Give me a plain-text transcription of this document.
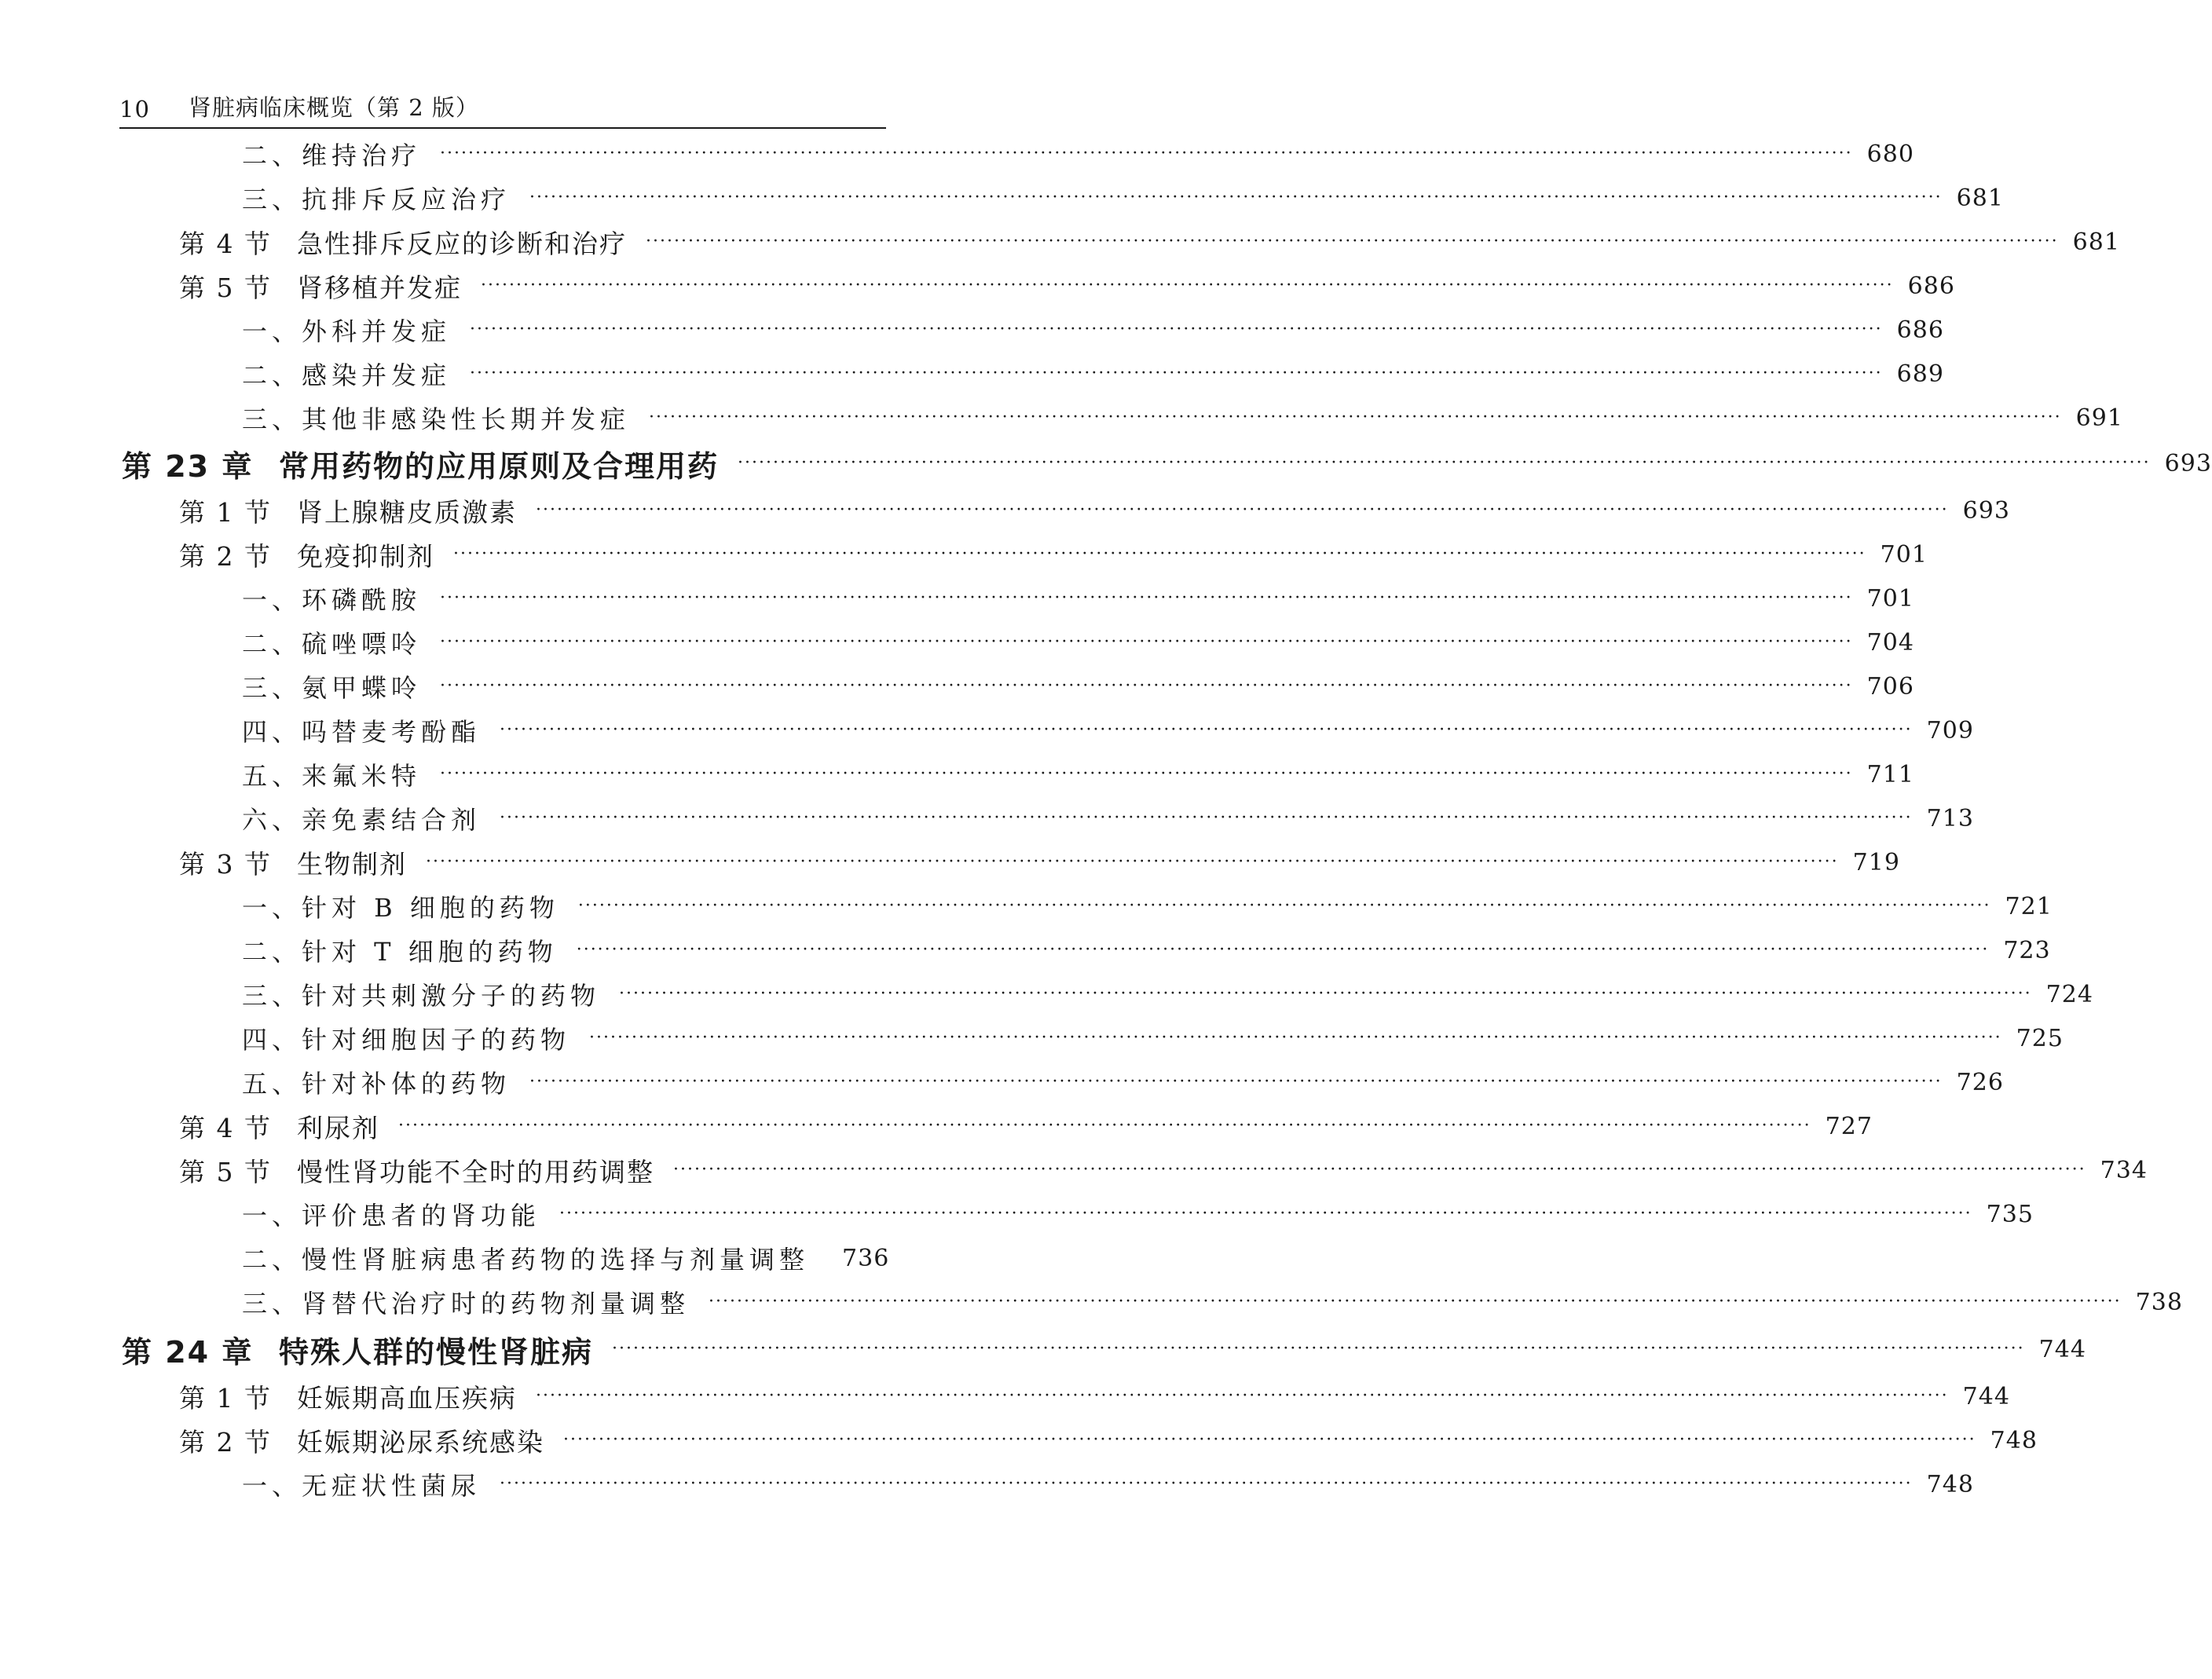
10	肾脏病临床概览（第 2 版）
二、维持治疗 ········································································································································································································ 680
三、抗排斥反应治疗 ········································································································································································································ 681
第 4 节 急性排斥反应的诊断和治疗 ········································································································································································································ 681
第 5 节 肾移植并发症 ········································································································································································································ 686
一、外科并发症 ········································································································································································································ 686
二、感染并发症 ········································································································································································································ 689
三、其他非感染性长期并发症 ········································································································································································································ 691
第 23 章 常用药物的应用原则及合理用药 ········································································································································································································ 693
第 1 节 肾上腺糖皮质激素 ········································································································································································································ 693
第 2 节 免疫抑制剂 ········································································································································································································ 701
一、环磷酰胺 ········································································································································································································ 701
二、硫唑嘌呤 ········································································································································································································ 704
三、氨甲蝶呤 ········································································································································································································ 706
四、吗替麦考酚酯 ········································································································································································································ 709
五、来氟米特 ········································································································································································································ 711
六、亲免素结合剂 ········································································································································································································ 713
第 3 节 生物制剂 ········································································································································································································ 719
一、针对 B 细胞的药物 ········································································································································································································ 721
二、针对 T 细胞的药物 ········································································································································································································ 723
三、针对共刺激分子的药物 ········································································································································································································ 724
四、针对细胞因子的药物 ········································································································································································································ 725
五、针对补体的药物 ········································································································································································································ 726
第 4 节 利尿剂 ········································································································································································································ 727
第 5 节 慢性肾功能不全时的用药调整 ········································································································································································································ 734
一、评价患者的肾功能 ········································································································································································································ 735
二、慢性肾脏病患者药物的选择与剂量调整 736
三、肾替代治疗时的药物剂量调整 ········································································································································································································ 738
第 24 章 特殊人群的慢性肾脏病 ········································································································································································································ 744
第 1 节 妊娠期高血压疾病 ········································································································································································································ 744
第 2 节 妊娠期泌尿系统感染 ········································································································································································································ 748
一、无症状性菌尿 ········································································································································································································ 748
